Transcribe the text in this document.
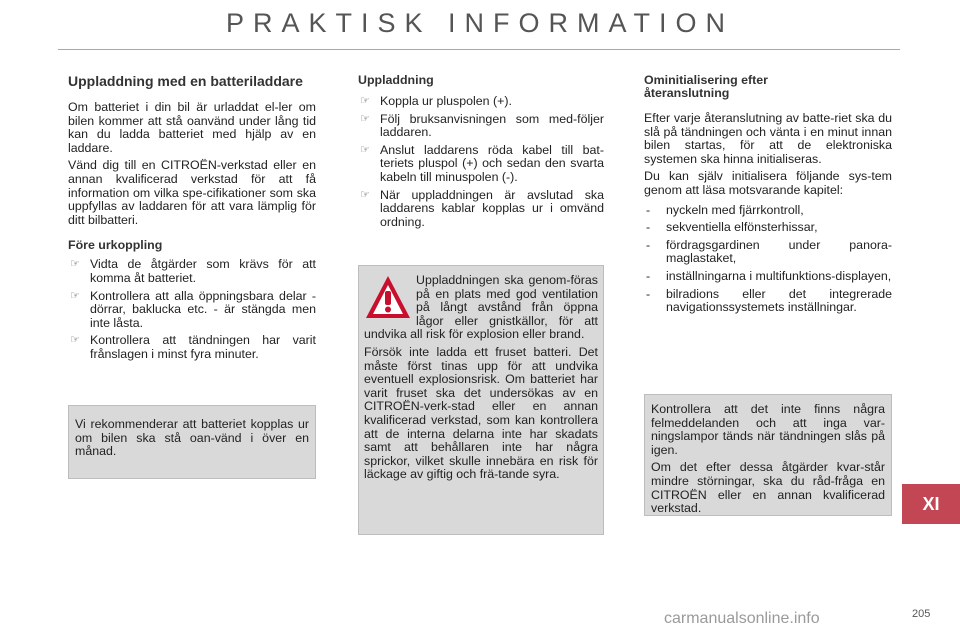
PRAKTISK INFORMATION
Uppladdning med en batteriladdare

Om batteriet i din bil är urladdat el-ler om bilen kommer att stå oanvänd under lång tid kan du ladda batteriet med hjälp av en laddare.

Vänd dig till en CITROËN-verkstad eller en annan kvalificerad verkstad för att få information om vilka spe-cifikationer som ska uppfyllas av laddaren för att vara lämplig för ditt bilbatteri.

Före urkoppling
☞ Vidta de åtgärder som krävs för att komma åt batteriet.
☞ Kontrollera att alla öppningsbara delar - dörrar, baklucka etc. - är stängda men inte låsta.
☞ Kontrollera att tändningen har varit frånslagen i minst fyra minuter.

Vi rekommenderar att batteriet kopplas ur om bilen ska stå oan-vänd i över en månad.

Uppladdning
☞ Koppla ur pluspolen (+).
☞ Följ bruksanvisningen som med-följer laddaren.
☞ Anslut laddarens röda kabel till bat-teriets pluspol (+) och sedan den svarta kabeln till minuspolen (-).
☞ När uppladdningen är avslutad ska laddarens kablar kopplas ur i omvänd ordning.

Uppladdningen ska genom-föras på en plats med god ventilation på långt avstånd från öppna lågor eller gnistkällor, för att undvika all risk för explosion eller brand.

Försök inte ladda ett fruset batteri. Det måste först tinas upp för att undvika eventuell explosionsrisk. Om batteriet har varit fruset ska det undersökas av en CITROËN-verk-stad eller en annan kvalificerad verkstad, som kan kontrollera att de interna delarna inte har skadats samt att behållaren inte har några sprickor, vilket skulle innebära en risk för läckage av giftig och frä-tande syra.

Ominitialisering efter återanslutning

Efter varje återanslutning av batte-riet ska du slå på tändningen och vänta i en minut innan bilen startas, för att de elektroniska systemen ska hinna initialiseras.

Du kan själv initialisera följande sys-tem genom att läsa motsvarande kapitel:

- nyckeln med fjärrkontroll,
- sekventiella elfönsterhissar,
- fördragsgardinen under panora-maglastaket,
- inställningarna i multifunktions-displayen,
- bilradions eller det integrerade navigationssystemets inställningar.

Kontrollera att det inte finns några felmeddelanden och att inga var-ningslampor tänds när tändningen slås på igen.

Om det efter dessa åtgärder kvar-står mindre störningar, ska du råd-fråga en CITROËN eller en annan kvalificerad verkstad.	XI
carmanualsonline.info	205
